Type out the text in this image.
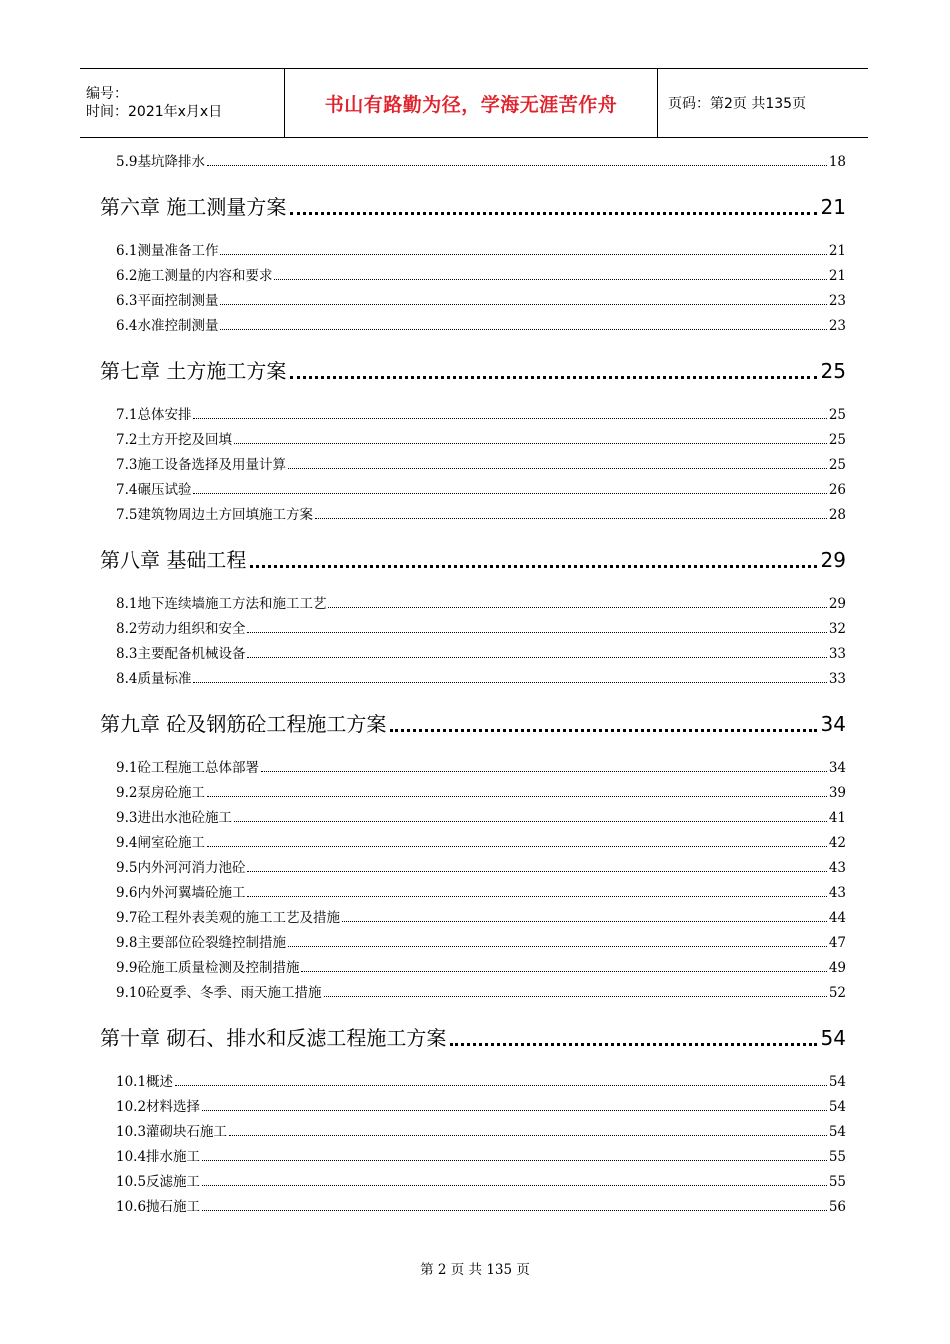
编号：
时间：2021年x月x日	书山有路勤为径，学海无涯苦作舟	页码：第2页 共135页
5.9基坑降排水	18
第六章 施工测量方案	21
6.1测量准备工作	21
6.2施工测量的内容和要求	21
6.3平面控制测量	23
6.4水准控制测量	23
第七章 土方施工方案	25
7.1总体安排	25
7.2土方开挖及回填	25
7.3施工设备选择及用量计算	25
7.4碾压试验	26
7.5建筑物周边土方回填施工方案	28
第八章 基础工程	29
8.1地下连续墙施工方法和施工工艺	29
8.2劳动力组织和安全	32
8.3主要配备机械设备	33
8.4质量标准	33
第九章 砼及钢筋砼工程施工方案	34
9.1砼工程施工总体部署	34
9.2泵房砼施工	39
9.3进出水池砼施工	41
9.4闸室砼施工	42
9.5内外河河消力池砼	43
9.6内外河翼墙砼施工	43
9.7砼工程外表美观的施工工艺及措施	44
9.8主要部位砼裂缝控制措施	47
9.9砼施工质量检测及控制措施	49
9.10砼夏季、冬季、雨天施工措施	52
第十章 砌石、排水和反滤工程施工方案	54
10.1概述	54
10.2材料选择	54
10.3灌砌块石施工	54
10.4排水施工	55
10.5反滤施工	55
10.6抛石施工	56
第 2 页 共 135 页
